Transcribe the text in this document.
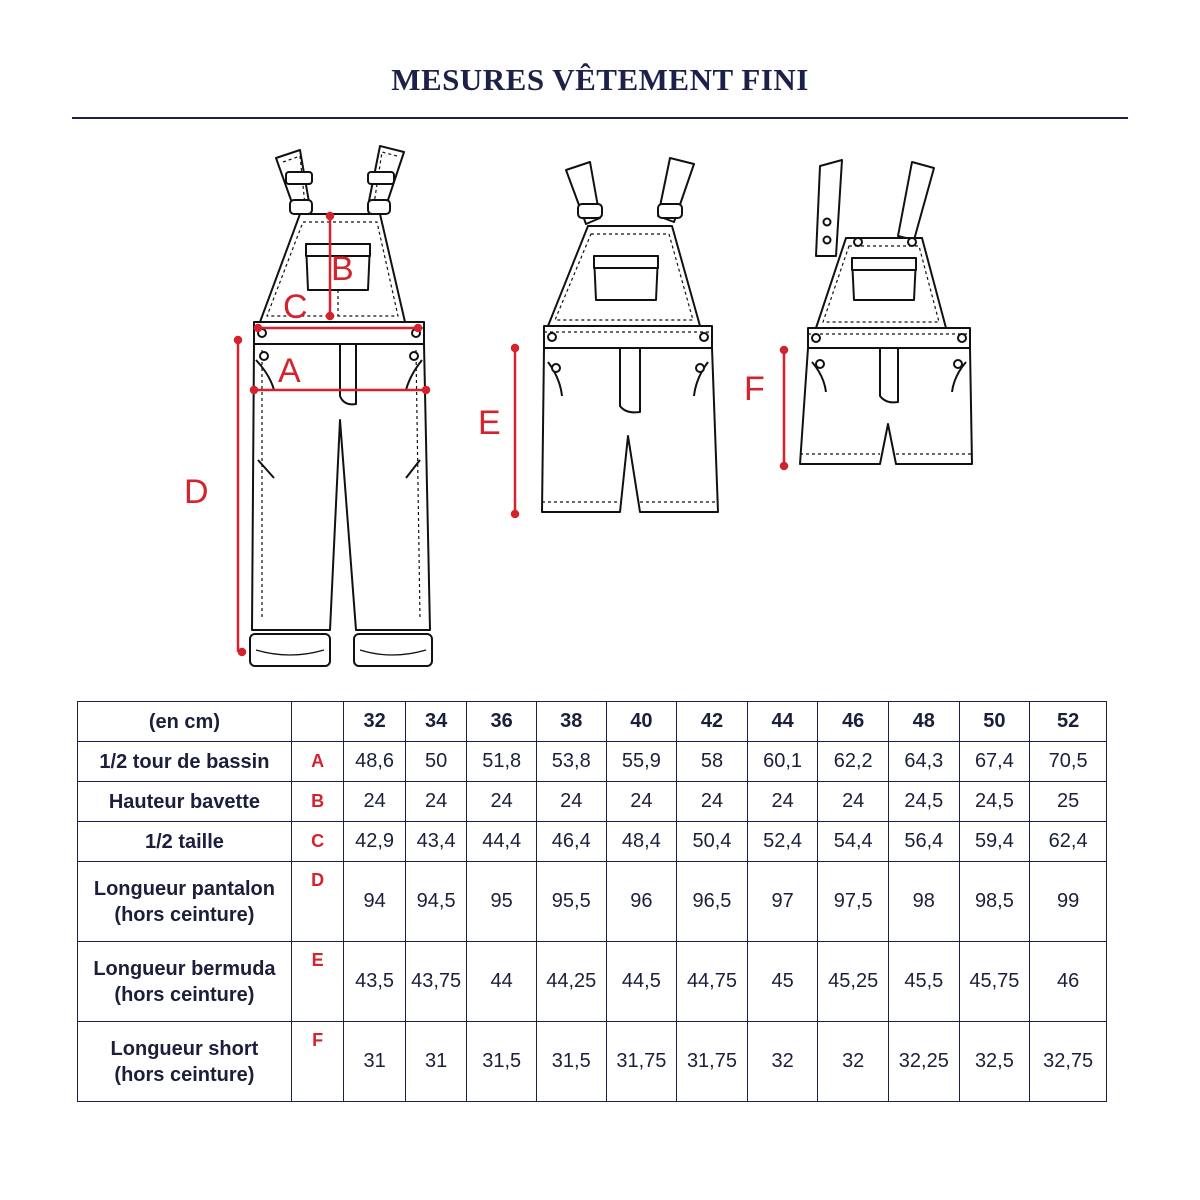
MESURES VÊTEMENT FINI
B
C
A
D
E
F
(en cm)		32	34	36	38	40	42	44	46	48	50	52
1/2 tour de bassin	A	48,6	50	51,8	53,8	55,9	58	60,1	62,2	64,3	67,4	70,5
Hauteur bavette	B	24	24	24	24	24	24	24	24	24,5	24,5	25
1/2 taille	C	42,9	43,4	44,4	46,4	48,4	50,4	52,4	54,4	56,4	59,4	62,4

Longueur pantalon
(hors ceinture)	D	94	94,5	95	95,5	96	96,5	97	97,5	98	98,5	99

Longueur bermuda
(hors ceinture)	E	43,5	43,75	44	44,25	44,5	44,75	45	45,25	45,5	45,75	46

Longueur short
(hors ceinture)	F	31	31	31,5	31,5	31,75	31,75	32	32	32,25	32,5	32,75
